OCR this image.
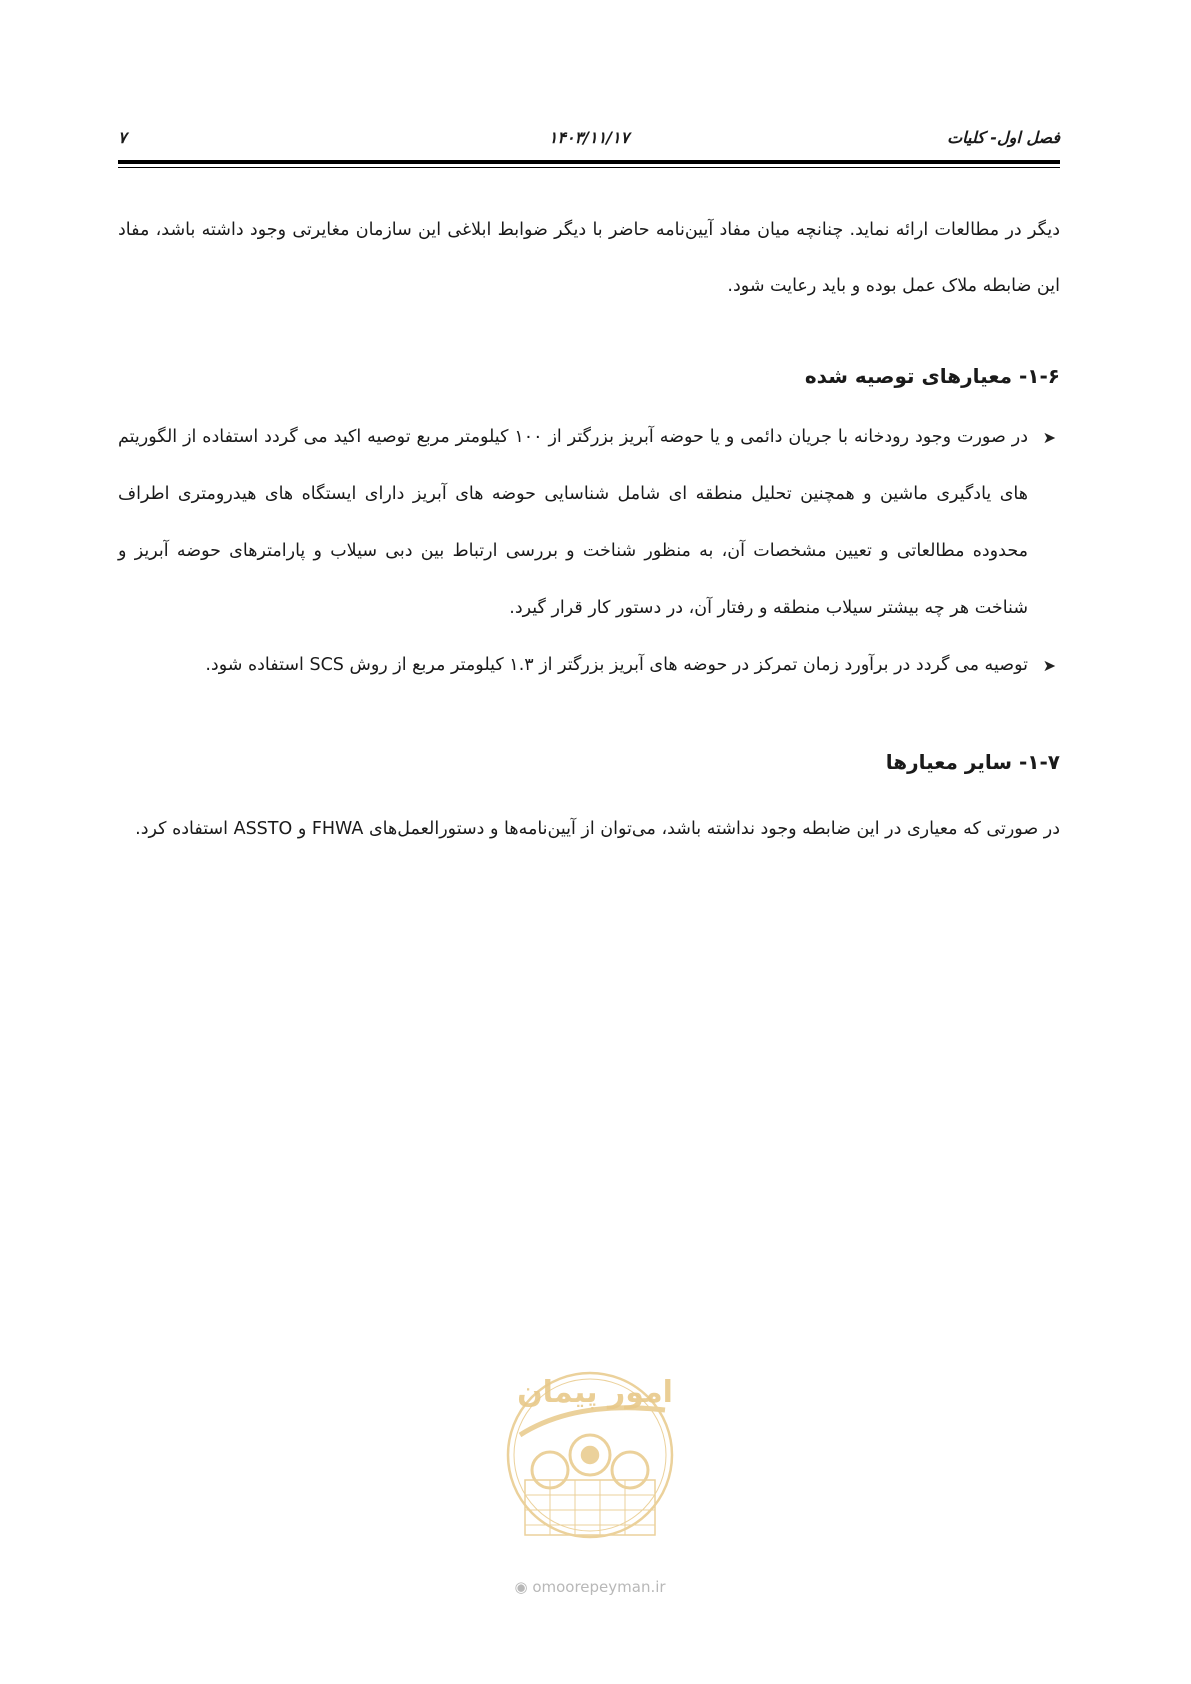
فصل اول- کلیات
۱۴۰۳/۱۱/۱۷
۷

دیگر در مطالعات ارائه نماید. چنانچه میان مفاد آیین‌نامه حاضر با دیگر ضوابط ابلاغی این سازمان مغایرتی وجود داشته باشد، مفاد این ضابطه ملاک عمل بوده و باید رعایت شود.

۱-۶- معیارهای توصیه شده
➤
در صورت وجود رودخانه با جریان دائمی و یا حوضه آبریز بزرگتر از ۱۰۰ کیلومتر مربع توصیه اکید می گردد استفاده از الگوریتم های یادگیری ماشین و همچنین تحلیل منطقه ای شامل شناسایی حوضه های آبریز دارای ایستگاه های هیدرومتری اطراف محدوده مطالعاتی و تعیین مشخصات آن، به منظور شناخت و بررسی ارتباط بین دبی سیلاب و پارامترهای حوضه آبریز و شناخت هر چه بیشتر سیلاب منطقه و رفتار آن، در دستور کار قرار گیرد.
➤
توصیه می گردد در برآورد زمان تمرکز در حوضه های آبریز بزرگتر از ۱.۳ کیلومتر مربع از روش SCS استفاده شود.
۱-۷- سایر معیارها

در صورتی که معیاری در این ضابطه وجود نداشته باشد، می‌توان از آیین‌نامه‌ها و دستورالعمل‌های FHWA و ASSTO استفاده کرد.

امور پیمان
◉ omoorepeyman.ir
